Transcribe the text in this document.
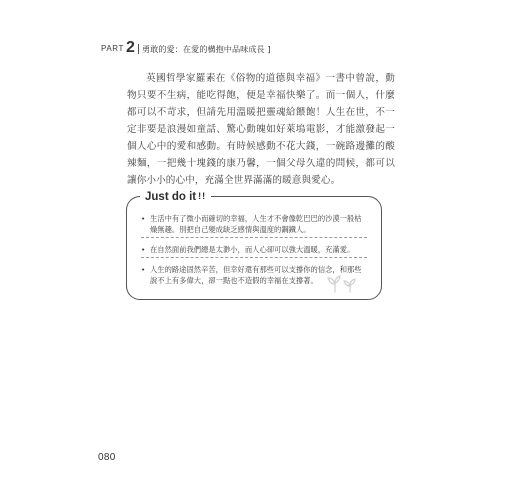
PART 2 勇敢的愛：在愛的構抱中品味成長 ]

英國哲學家羅素在《俗物的道德與幸福》一書中曾說，動物只要不生病，能吃得飽，便是幸福快樂了。而一個人，什麼都可以不苛求，但請先用溫暖把靈魂給餵飽！人生在世，不一定非要是浪漫如童話、驚心動魄如好萊塢電影，才能激發起一個人心中的愛和感動。有時候感動不花大錢，一碗路邊攤的酸辣麵，一把幾十塊錢的康乃馨，一個父母久違的問候，都可以讓你小小的心中，充滿全世界滿滿的暖意與愛心。

Just do it !!
• 生活中有了微小而確切的幸福，人生才不會像乾巴巴的沙漠一般枯燥無趣。別把自己變成缺乏感情與溫度的鋼鐵人。
• 在自然面前我們總是太渺小，而人心卻可以強大溫暖，充滿愛。
• 人生的路途固然辛苦，但幸好還有那些可以支撐你的信念，和那些說不上有多偉大，卻一點也不造假的幸福在支撐著。
080
